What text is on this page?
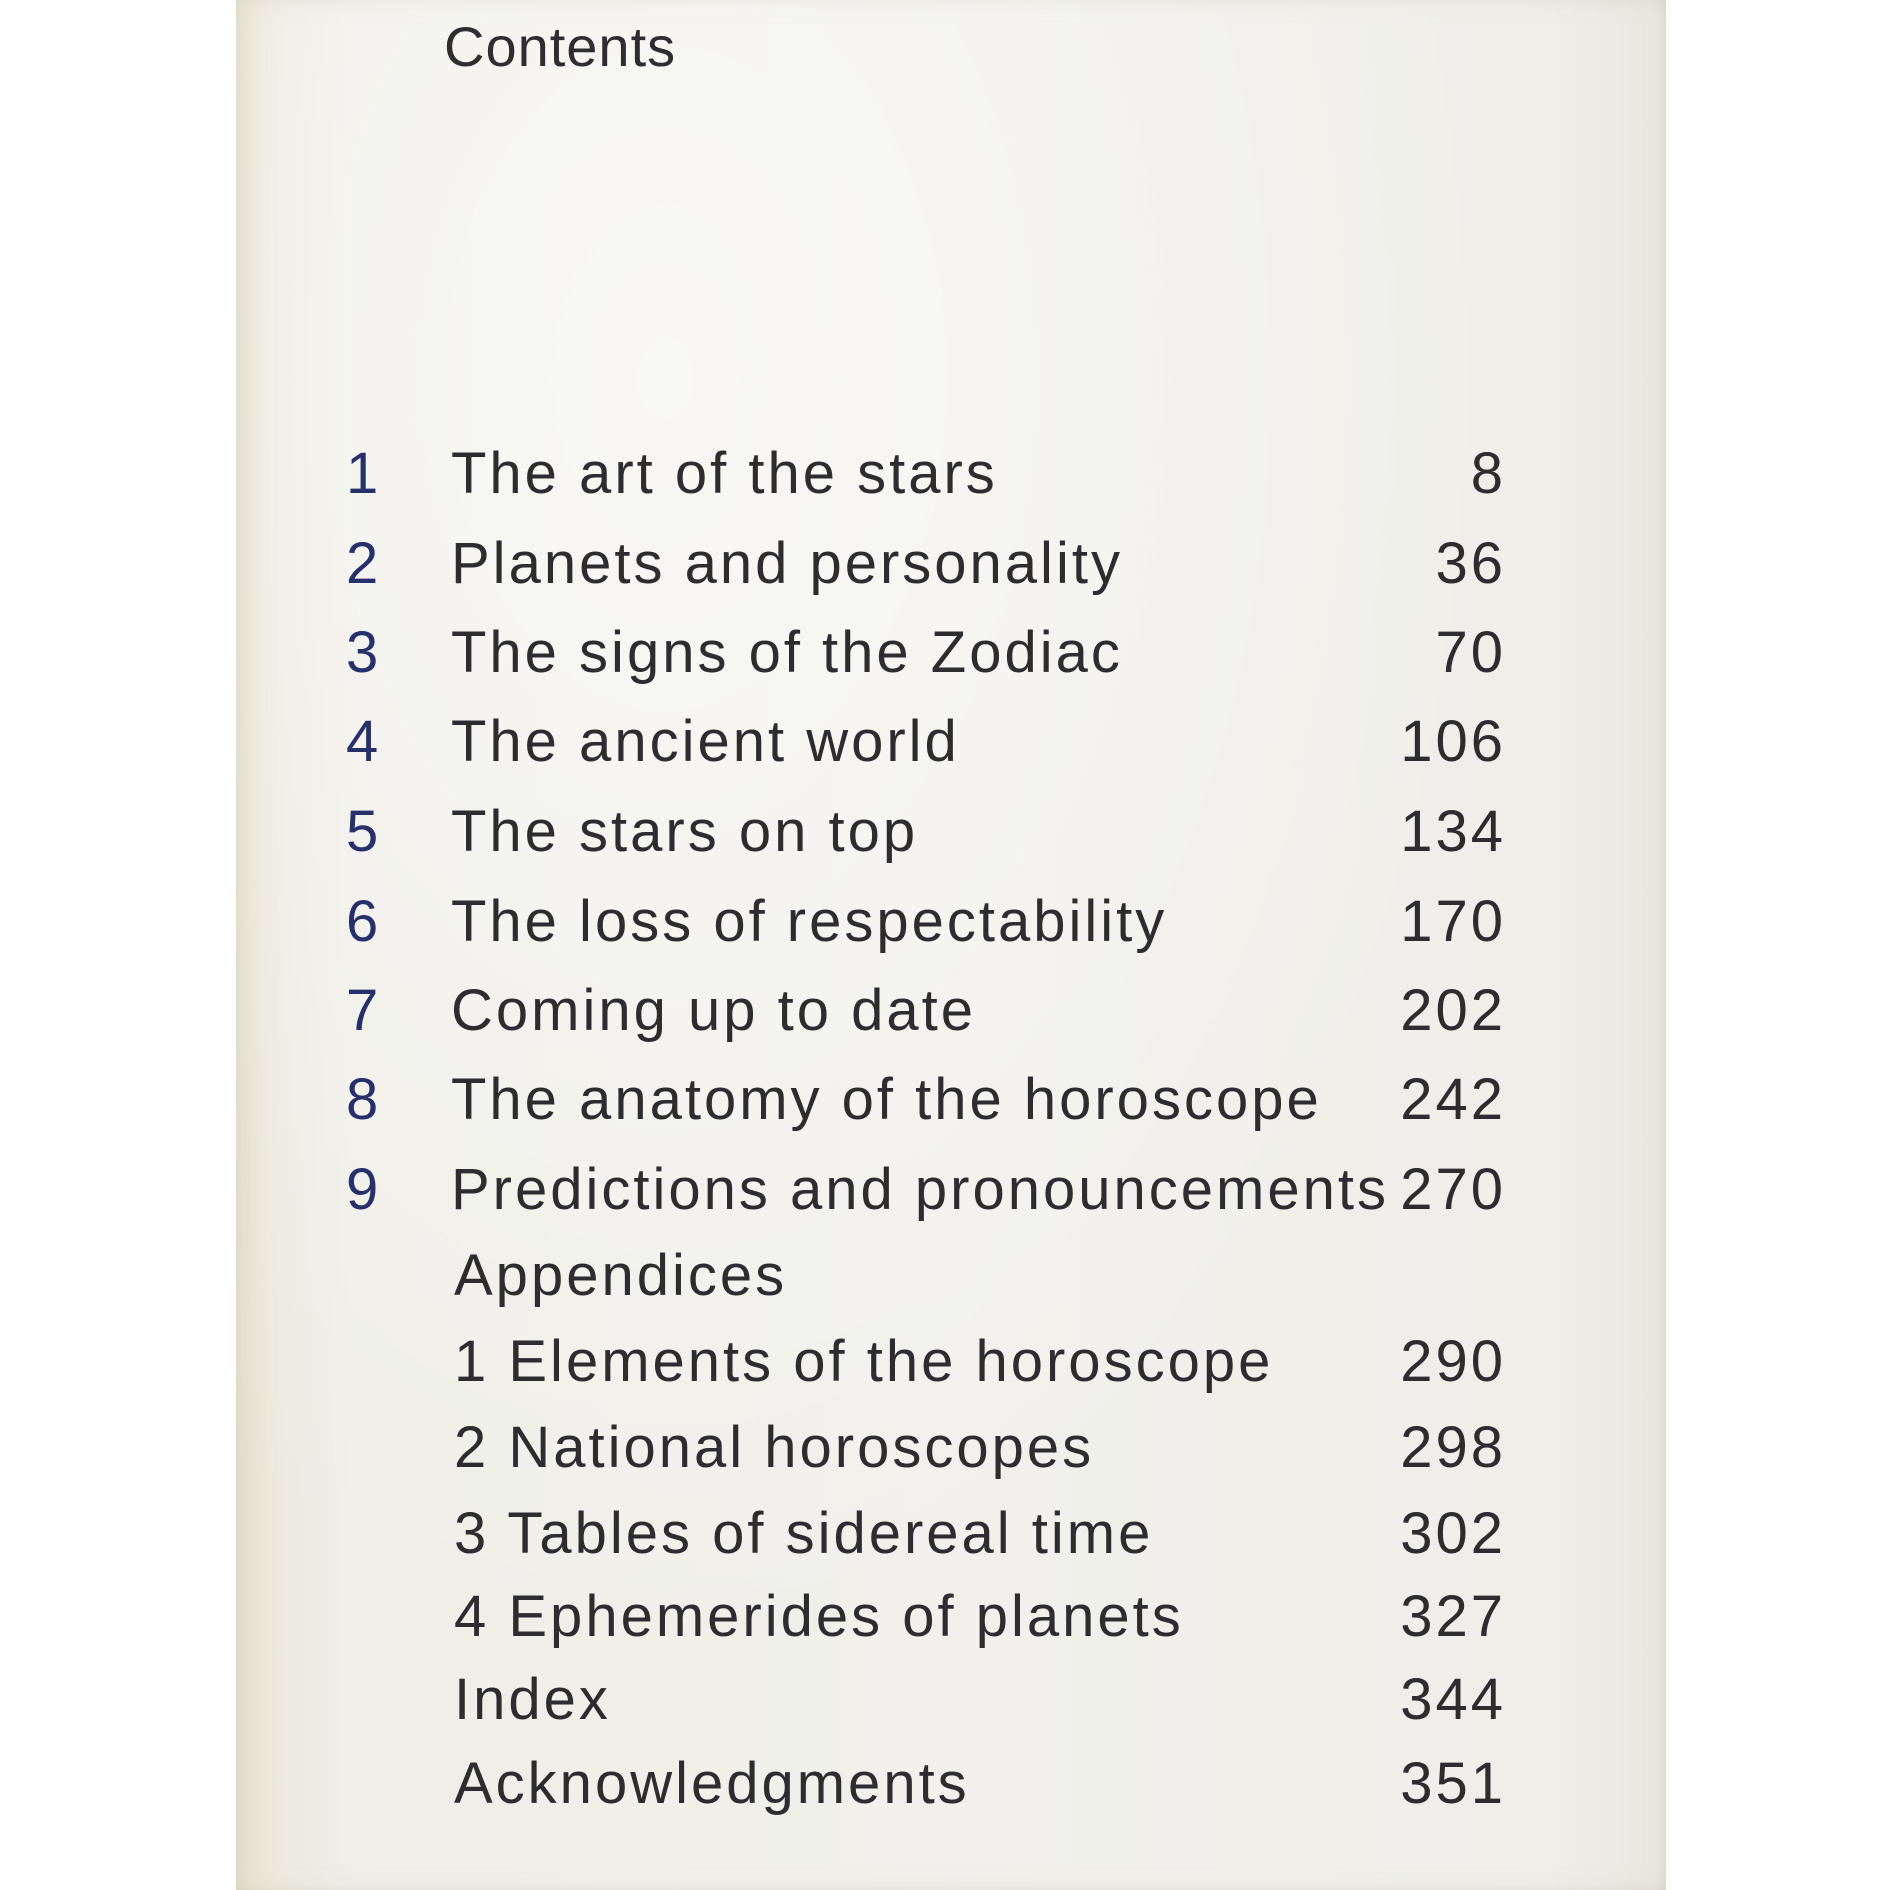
Contents
1 The art of the stars	8
2 Planets and personality	36
3 The signs of the Zodiac	70
4 The ancient world	106
5 The stars on top	134
6 The loss of respectability	170
7 Coming up to date	202
8 The anatomy of the horoscope 242
9 Predictions and pronouncements 270
Appendices
1 Elements of the horoscope 290
2 National horoscopes	298
3 Tables of sidereal time	302
4 Ephemerides of planets	327
Index	344
Acknowledgments	351
